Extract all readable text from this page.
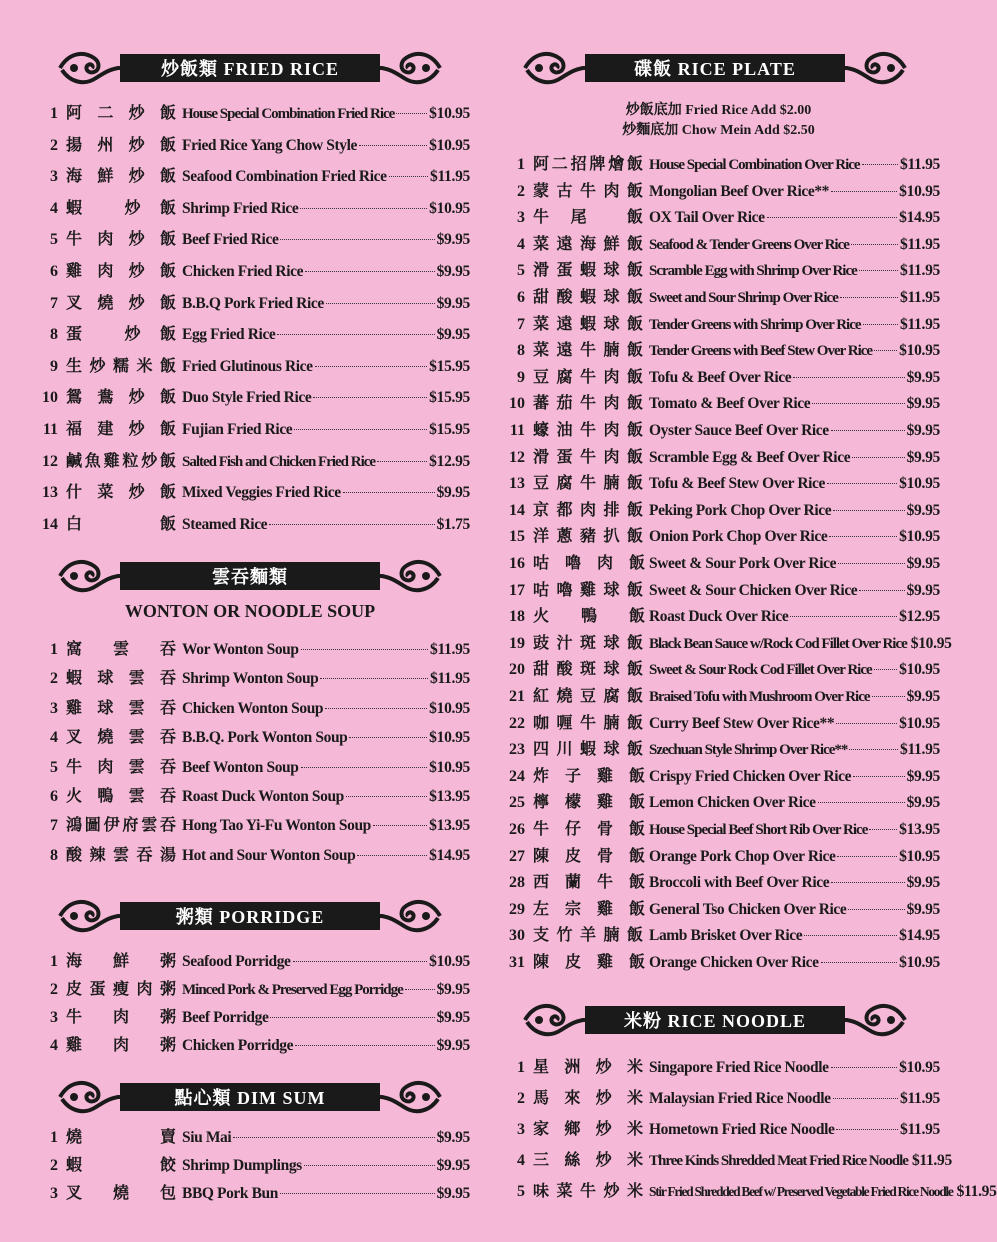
炒飯類 FRIED RICE
1 阿 二 炒 飯 House Special Combination Fried Rice $10.95
2 揚 州 炒 飯 Fried Rice Yang Chow Style	$10.95
3 海 鮮 炒 飯 Seafood Combination Fried Rice	$11.95
4 蝦　 炒 飯 Shrimp Fried Rice	$10.95
5 牛 肉 炒 飯 Beef Fried Rice	$9.95
6 雞 肉 炒 飯 Chicken Fried Rice	$9.95
7 叉 燒 炒 飯 B.B.Q Pork Fried Rice	$9.95
8 蛋　 炒 飯 Egg Fried Rice	$9.95
9 生炒糯米飯 Fried Glutinous Rice	$15.95
10 鴛 鴦 炒 飯 Duo Style Fried Rice	$15.95
11 福 建 炒 飯 Fujian Fried Rice	$15.95
12 鹹魚雞粒炒飯 Salted Fish and Chicken Fried Rice	$12.95
13 什 菜 炒 飯 Mixed Veggies Fried Rice	$9.95
14 白　　 飯 Steamed Rice	$1.75
雲吞麵類
WONTON OR NOODLE SOUP
1 窩　雲　吞 Wor Wonton Soup	$11.95
2 蝦 球 雲 吞 Shrimp Wonton Soup	$11.95
3 雞 球 雲 吞 Chicken Wonton Soup	$10.95
4 叉 燒 雲 吞 B.B.Q. Pork Wonton Soup	$10.95
5 牛 肉 雲 吞 Beef Wonton Soup	$10.95
6 火 鴨 雲 吞 Roast Duck Wonton Soup	$13.95
7 鴻圖伊府雲吞 Hong Tao Yi-Fu Wonton Soup	$13.95
8 酸辣雲吞湯 Hot and Sour Wonton Soup	$14.95
粥類 PORRIDGE
1 海　鮮　粥 Seafood Porridge	$10.95
2 皮蛋瘦肉粥 Minced Pork & Preserved Egg Porridge $9.95
3 牛　肉　粥 Beef Porridge	$9.95
4 雞　肉　粥 Chicken Porridge	$9.95
點心類 DIM SUM
1 燒　　　賣 Siu Mai	$9.95
2 蝦　　　餃 Shrimp Dumplings	$9.95
3 叉　燒　包 BBQ Pork Bun	$9.95
碟飯 RICE PLATE
炒飯底加 Fried Rice Add $2.00
炒麵底加 Chow Mein Add $2.50
1 阿二招牌燴飯 House Special Combination Over Rice	$11.95
2 蒙 古 牛 肉 飯 Mongolian Beef Over Rice**	$10.95
3 牛　尾　　飯 OX Tail Over Rice	$14.95
4 菜 遠 海 鮮 飯 Seafood & Tender Greens Over Rice	$11.95
5 滑 蛋 蝦 球 飯 Scramble Egg with Shrimp Over Rice	$11.95
6 甜 酸 蝦 球 飯 Sweet and Sour Shrimp Over Rice	$11.95
7 菜 遠 蝦 球 飯 Tender Greens with Shrimp Over Rice	$11.95
8 菜 遠 牛 腩 飯 Tender Greens with Beef Stew Over Rice $10.95
9 豆 腐 牛 肉 飯 Tofu & Beef Over Rice	$9.95
10 蕃 茄 牛 肉 飯 Tomato & Beef Over Rice	$9.95
11 蠔 油 牛 肉 飯 Oyster Sauce Beef Over Rice	$9.95
12 滑 蛋 牛 肉 飯 Scramble Egg & Beef Over Rice	$9.95
13 豆 腐 牛 腩 飯 Tofu & Beef Stew Over Rice	$10.95
14 京 都 肉 排 飯 Peking Pork Chop Over Rice	$9.95
15 洋 蔥 豬 扒 飯 Onion Pork Chop Over Rice	$10.95
16 咕　嚕　肉　飯 Sweet & Sour Pork Over Rice	$9.95
17 咕 嚕 雞 球 飯 Sweet & Sour Chicken Over Rice	$9.95
18 火　　鴨　　飯 Roast Duck Over Rice	$12.95
19 豉 汁 斑 球 飯 Black Bean Sauce w/Rock Cod Fillet Over Rice $10.95
20 甜 酸 斑 球 飯 Sweet & Sour Rock Cod Fillet Over Rice $10.95
21 紅 燒 豆 腐 飯 Braised Tofu with Mushroom Over Rice $9.95
22 咖 喱 牛 腩 飯 Curry Beef Stew Over Rice**	$10.95
23 四 川 蝦 球 飯 Szechuan Style Shrimp Over Rice**	$11.95
24 炸　子　雞　飯 Crispy Fried Chicken Over Rice	$9.95
25 檸　檬　雞　飯 Lemon Chicken Over Rice	$9.95
26 牛　仔　骨　飯 House Special Beef Short Rib Over Rice $13.95
27 陳　皮　骨　飯 Orange Pork Chop Over Rice	$10.95
28 西　蘭　牛　飯 Broccoli with Beef Over Rice	$9.95
29 左　宗　雞　飯 General Tso Chicken Over Rice	$9.95
30 支 竹 羊 腩 飯 Lamb Brisket Over Rice	$14.95
31 陳　皮　雞　飯 Orange Chicken Over Rice	$10.95
米粉 RICE NOODLE
1 星 洲 炒 米 Singapore Fried Rice Noodle	$10.95
2 馬 來 炒 米 Malaysian Fried Rice Noodle	$11.95
3 家 鄉 炒 米 Hometown Fried Rice Noodle	$11.95
4 三 絲 炒 米 Three Kinds Shredded Meat Fried Rice Noodle $11.95
5 味菜牛炒米 Stir Fried Shredded Beef w/ Preserved Vegetable Fried Rice Noodle $11.95
